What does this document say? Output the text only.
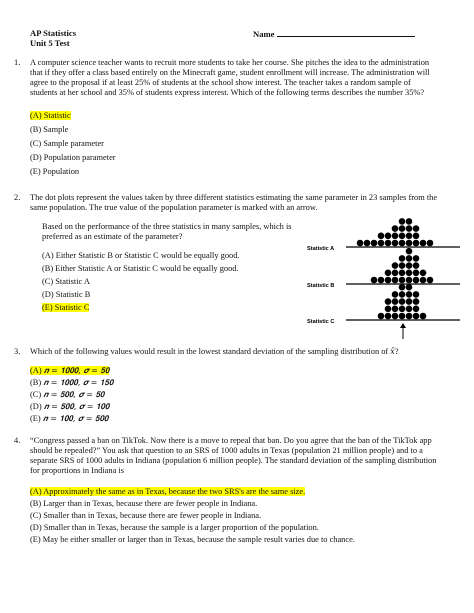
AP Statistics
Unit 5 Test
Name
1. A computer science teacher wants to recruit more students to take her course. She pitches the idea to the administration that if they offer a class based entirely on the Minecraft game, student enrollment will increase. The administration will agree to the proposal if at least 25% of students at the school show interest. The teacher takes a random sample of students at her school and 35% of students express interest. Which of the following terms describes the number 35%?
(A) Statistic
(B) Sample
(C) Sample parameter
(D) Population parameter
(E) Population
2. The dot plots represent the values taken by three different statistics estimating the same parameter in 23 samples from the same population. The true value of the population parameter is marked with an arrow.
Based on the performance of the three statistics in many samples, which is preferred as an estimate of the parameter?
(A) Either Statistic B or Statistic C would be equally good.
(B) Either Statistic A or Statistic C would be equally good.
(C) Statistic A
(D) Statistic B
(E) Statistic C
Statistic A
Statistic B
Statistic C
3. Which of the following values would result in the lowest standard deviation of the sampling distribution of x̄?
(A) 𝒏 = 𝟏𝟎𝟎𝟎, 𝝈 = 𝟓𝟎
(B) 𝒏 = 𝟏𝟎𝟎𝟎, 𝝈 = 𝟏𝟓𝟎
(C) 𝒏 = 𝟓𝟎𝟎, 𝝈 = 𝟓𝟎
(D) 𝒏 = 𝟓𝟎𝟎, 𝝈 = 𝟏𝟎𝟎
(E) 𝒏 = 𝟏𝟎𝟎, 𝝈 = 𝟓𝟎𝟎
4. “Congress passed a ban on TikTok. Now there is a move to repeal that ban. Do you agree that the ban of the TikTok app should be repealed?” You ask that question to an SRS of 1000 adults in Texas (population 21 million people) and to a separate SRS of 1000 adults in Indiana (population 6 million people). The standard deviation of the sampling distribution for proportions in Indiana is
(A) Approximately the same as in Texas, because the two SRS's are the same size.
(B) Larger than in Texas, because there are fewer people in Indiana.
(C) Smaller than in Texas, because there are fewer people in Indiana.
(D) Smaller than in Texas, because the sample is a larger proportion of the population.
(E) May be either smaller or larger than in Texas, because the sample result varies due to chance.
